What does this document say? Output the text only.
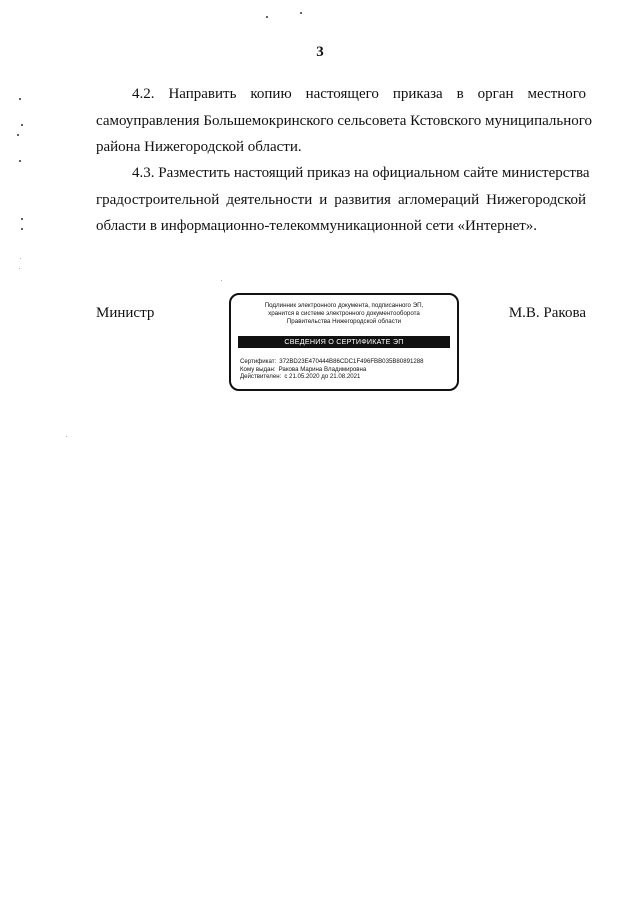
3
4.2. Направить копию настоящего приказа в орган местного
самоуправления Большемокринского сельсовета Кстовского муниципального
района Нижегородской области.
4.3. Разместить настоящий приказ на официальном сайте министерства
градостроительной деятельности и развития агломераций Нижегородской
области в информационно-телекоммуникационной сети «Интернет».
Министр	М.В. Ракова
Подлинник электронного документа, подписанного ЭП,
хранится в системе электронного документооборота
Правительства Нижегородской области
СВЕДЕНИЯ О СЕРТИФИКАТЕ ЭП
Сертификат: 372BD23E470444B86CDC1F496FBB035B80891288
Кому выдан: Ракова Марина Владимировна
Действителен: с 21.05.2020 до 21.08.2021
